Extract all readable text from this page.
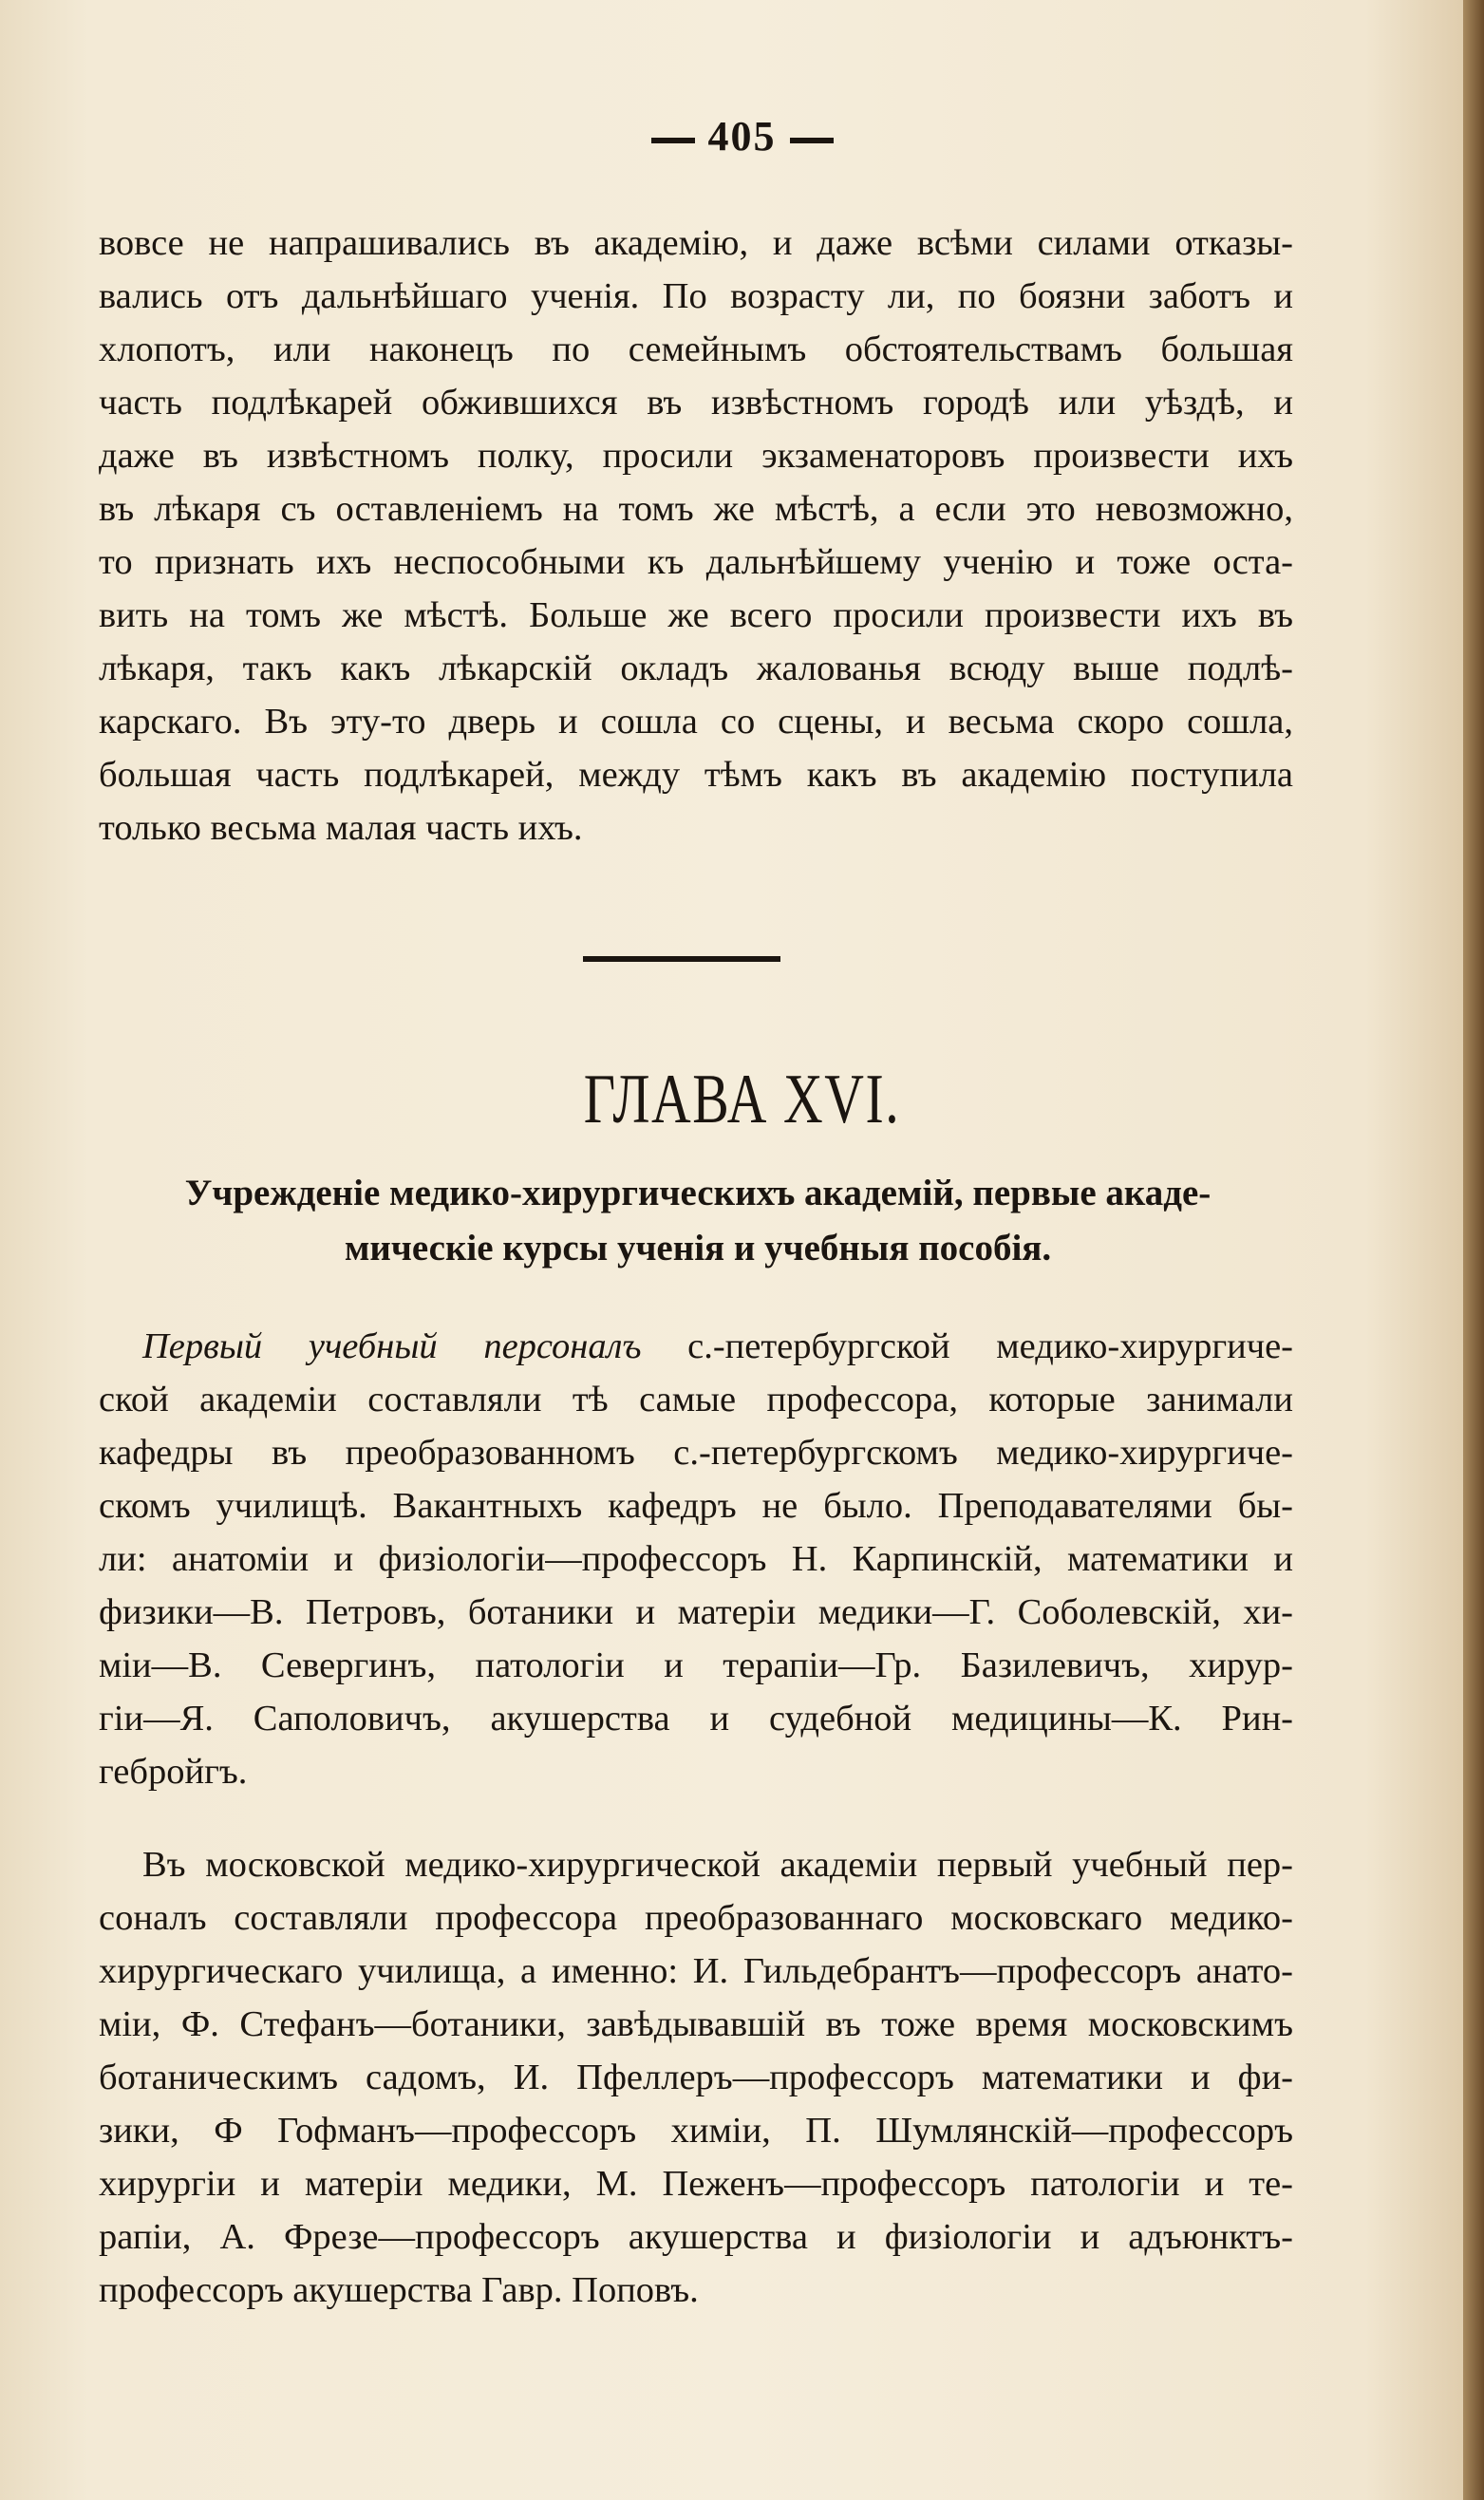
405
вовсе не напрашивались въ академiю, и даже всѣми силами отказы-
вались отъ дальнѣйшаго ученiя. По возрасту ли, по боязни заботъ и
хлопотъ, или наконецъ по семейнымъ обстоятельствамъ большая
часть подлѣкарей обжившихся въ извѣстномъ городѣ или уѣздѣ, и
даже въ извѣстномъ полку, просили экзаменаторовъ произвести ихъ
въ лѣкаря съ оставленiемъ на томъ же мѣстѣ, а если это невозможно,
то признать ихъ неспособными къ дальнѣйшему ученiю и тоже оста-
вить на томъ же мѣстѣ. Больше же всего просили произвести ихъ въ
лѣкаря, такъ какъ лѣкарскiй окладъ жалованья всюду выше подлѣ-
карскаго. Въ эту-то дверь и сошла со сцены, и весьма скоро сошла,
большая часть подлѣкарей, между тѣмъ какъ въ академiю поступила
только весьма малая часть ихъ.
ГЛАВА XVI.
Учрежденiе медико-хирургическихъ академiй, первые акаде-
мическiе курсы ученiя и учебныя пособiя.
Первый учебный персоналъ с.-петербургской медико-хирургиче-
ской академiи составляли тѣ самые профессора, которые занимали
кафедры въ преобразованномъ с.-петербургскомъ медико-хирургиче-
скомъ училищѣ. Вакантныхъ кафедръ не было. Преподавателями бы-
ли: анатомiи и физiологiи—профессоръ Н. Карпинскiй, математики и
физики—В. Петровъ, ботаники и матерiи медики—Г. Соболевскiй, хи-
мiи—В. Севергинъ, патологiи и терапiи—Гр. Базилевичъ, хирур-
гiи—Я. Саполовичъ, акушерства и судебной медицины—К. Рин-
гебройгъ.
Въ московской медико-хирургической академiи первый учебный пер-
соналъ составляли профессора преобразованнаго московскаго медико-
хирургическаго училища, а именно: И. Гильдебрантъ—профессоръ анато-
мiи, Ф. Стефанъ—ботаники, завѣдывавшiй въ тоже время московскимъ
ботаническимъ садомъ, И. Пфеллеръ—профессоръ математики и фи-
зики, Ф Гофманъ—профессоръ химiи, П. Шумлянскiй—профессоръ
хирургiи и матерiи медики, М. Пеженъ—профессоръ патологiи и те-
рапiи, А. Фрезе—профессоръ акушерства и физiологiи и адъюнктъ-
профессоръ акушерства Гавр. Поповъ.
